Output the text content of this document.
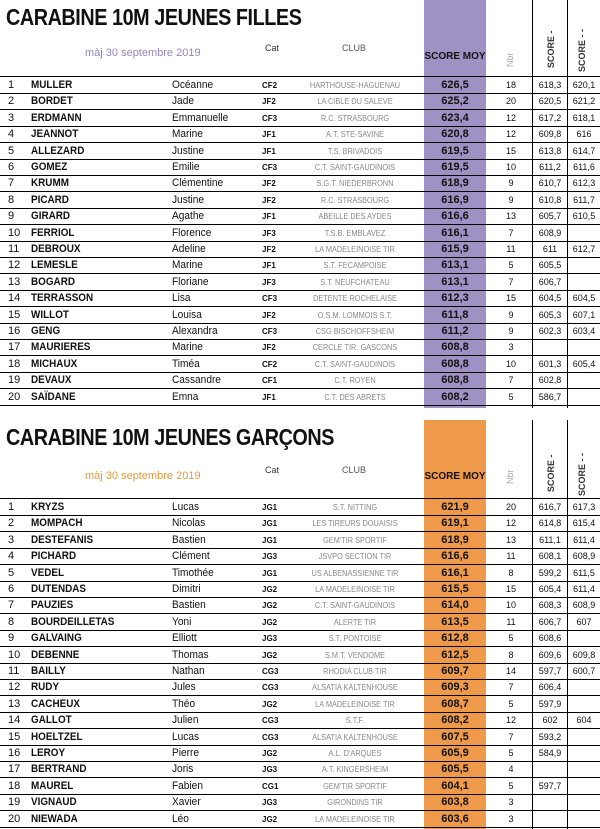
CARABINE 10M JEUNES FILLES
màj 30 septembre 2019	Cat	CLUB
SCORE MOY Nbr	SCORE - SCORE - -
1	MULLER	Océanne	CF2	HARTHOUSE-HAGUENAU	626,5	18	618,3	620,1
2	BORDET	Jade	JF2	LA CIBLE DU SALEVE	625,2	20	620,5	621,2
3	ERDMANN	Emmanuelle	CF3	R.C. STRASBOURG	623,4	12	617,2	618,1
4	JEANNOT	Marine	JF1	A.T. STE-SAVINE	620,8	12	609,8	616
5	ALLEZARD	Justine	JF1	T.S. BRIVADOIS	619,5	15	613,8	614,7
6	GOMEZ	Emilie	CF3	C.T. SAINT-GAUDINOIS	619,5	10	611,2	611,6
7	KRUMM	Clémentine	JF2	S.G.T. NIEDERBRONN	618,9	9	610,7	612,3
8	PICARD	Justine	JF2	R.C. STRASBOURG	616,9	9	610,8	611,7
9	GIRARD	Agathe	JF1	ABEILLE DES AYDES	616,6	13	605,7	610,5
10 FERRIOL	Florence	JF3	T.S.B. EMBLAVEZ	616,1	7	608,9
11	DEBROUX	Adeline	JF2	LA MADELEINOISE TIR	615,9	11	611	612,7
12 LEMESLE	Marine	JF1	S.T. FECAMPOISE	613,1	5	605,5
13 BOGARD	Floriane	JF3	S.T. NEUFCHATEAU	613,1	7	606,7
14 TERRASSON	Lisa	CF3	DETENTE ROCHELAISE	612,3	15	604,5	604,5
15 WILLOT	Louisa	JF2	O.S.M. LOMMOIS S.T.	611,8	9	605,3	607,1
16 GENG	Alexandra	CF3	CSG BISCHOFFSHEIM	611,2	9	602,3	603,4
17 MAURIERES	Marine	JF2	CERCLE TIR. GASCONS	608,8	3
18 MICHAUX	Timéa	CF2	C.T. SAINT-GAUDINOIS	608,8	10	601,3	605,4
19 DEVAUX	Cassandre	CF1	C.T. ROYEN	608,8	7	602,8
20 SAÏDANE	Emna	JF1	C.T. DES ABRETS	608,2	5	586,7
CARABINE 10M JEUNES GARÇONS
màj 30 septembre 2019	Cat	CLUB
SCORE MOY Nbr	SCORE - SCORE - -
1	KRYZS	Lucas	JG1	S.T. NITTING	621,9	20	616,7	617,3
2	MOMPACH	Nicolas	JG1	LES TIREURS DOUAISIS	619,1	12	614,8	615,4
3	DESTEFANIS	Bastien	JG1	GEM'TIR SPORTIF	618,9	13	611,1	611,4
4	PICHARD	Clément	JG3	JSVPO SECTION TIR	616,6	11	608,1	608,9
5	VEDEL	Timothée	JG1	US ALBENASSIENNE TIR	616,1	8	599,2	611,5
6	DUTENDAS	Dimitri	JG2	LA MADELEINOISE TIR	615,5	15	605,4	611,4
7	PAUZIES	Bastien	JG2	C.T. SAINT-GAUDINOIS	614,0	10	608,3	608,9
8	BOURDEILLETAS	Yoni	JG2	ALERTE TIR	613,5	11	606,7	607
9	GALVAING	Elliott	JG3	S.T. PONTOISE	612,8	5	608,6
10 DEBENNE	Thomas	JG2	S.M.T. VENDOME	612,5	8	609,6	609,8
11	BAILLY	Nathan	CG3	RHODIA CLUB TIR	609,7	14	597,7	600,7
12 RUDY	Jules	CG3	ALSATIA KALTENHOUSE	609,3	7	606,4
13 CACHEUX	Théo	JG2	LA MADELEINOISE TIR	608,7	5	597,9
14 GALLOT	Julien	CG3	S.T.F.	608,2	12	602	604
15 HOELTZEL	Lucas	CG3	ALSATIA KALTENHOUSE	607,5	7	593,2
16 LEROY	Pierre	JG2	A.L. D'ARQUES	605,9	5	584,9
17 BERTRAND	Joris	JG3	A.T. KINGERSHEIM	605,5	4
18 MAUREL	Fabien	CG1	GEM'TIR SPORTIF	604,1	5	597,7
19 VIGNAUD	Xavier	JG3	GIRONDINS TIR	603,8	3
20 NIEWADA	Léo	JG2	LA MADELEINOISE TIR	603,6	3
